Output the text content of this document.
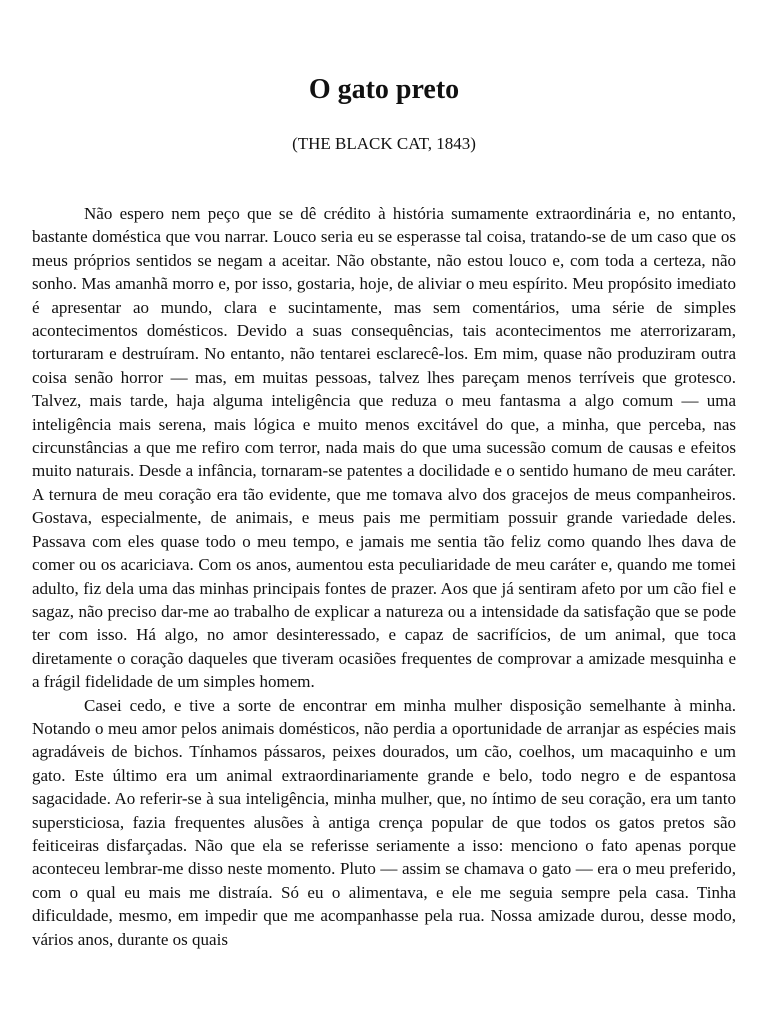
O gato preto

(THE BLACK CAT, 1843)

Não espero nem peço que se dê crédito à história sumamente extraordinária e, no entanto, bastante doméstica que vou narrar. Louco seria eu se esperasse tal coisa, tratando-se de um caso que os meus próprios sentidos se negam a aceitar. Não obstante, não estou louco e, com toda a certeza, não sonho. Mas amanhã morro e, por isso, gostaria, hoje, de aliviar o meu espírito. Meu propósito imediato é apresentar ao mundo, clara e sucintamente, mas sem comentários, uma série de simples acontecimentos domésticos. Devido a suas consequências, tais acontecimentos me aterrorizaram, torturaram e destruíram. No entanto, não tentarei esclarecê-los. Em mim, quase não produziram outra coisa senão horror — mas, em muitas pessoas, talvez lhes pareçam menos terríveis que grotesco. Talvez, mais tarde, haja alguma inteligência que reduza o meu fantasma a algo comum — uma inteligência mais serena, mais lógica e muito menos excitável do que, a minha, que perceba, nas circunstâncias a que me refiro com terror, nada mais do que uma sucessão comum de causas e efeitos muito naturais. Desde a infância, tornaram-se patentes a docilidade e o sentido humano de meu caráter. A ternura de meu coração era tão evidente, que me tomava alvo dos gracejos de meus companheiros. Gostava, especialmente, de animais, e meus pais me permitiam possuir grande variedade deles. Passava com eles quase todo o meu tempo, e jamais me sentia tão feliz como quando lhes dava de comer ou os acariciava. Com os anos, aumentou esta peculiaridade de meu caráter e, quando me tomei adulto, fiz dela uma das minhas principais fontes de prazer. Aos que já sentiram afeto por um cão fiel e sagaz, não preciso dar-me ao trabalho de explicar a natureza ou a intensidade da satisfação que se pode ter com isso. Há algo, no amor desinteressado, e capaz de sacrifícios, de um animal, que toca diretamente o coração daqueles que tiveram ocasiões frequentes de comprovar a amizade mesquinha e a frágil fidelidade de um simples homem.

Casei cedo, e tive a sorte de encontrar em minha mulher disposição semelhante à minha. Notando o meu amor pelos animais domésticos, não perdia a oportunidade de arranjar as espécies mais agradáveis de bichos. Tínhamos pássaros, peixes dourados, um cão, coelhos, um macaquinho e um gato. Este último era um animal extraordinariamente grande e belo, todo negro e de espantosa sagacidade. Ao referir-se à sua inteligência, minha mulher, que, no íntimo de seu coração, era um tanto supersticiosa, fazia frequentes alusões à antiga crença popular de que todos os gatos pretos são feiticeiras disfarçadas. Não que ela se referisse seriamente a isso: menciono o fato apenas porque aconteceu lembrar-me disso neste momento. Pluto — assim se chamava o gato — era o meu preferido, com o qual eu mais me distraía. Só eu o alimentava, e ele me seguia sempre pela casa. Tinha dificuldade, mesmo, em impedir que me acompanhasse pela rua. Nossa amizade durou, desse modo, vários anos, durante os quais
